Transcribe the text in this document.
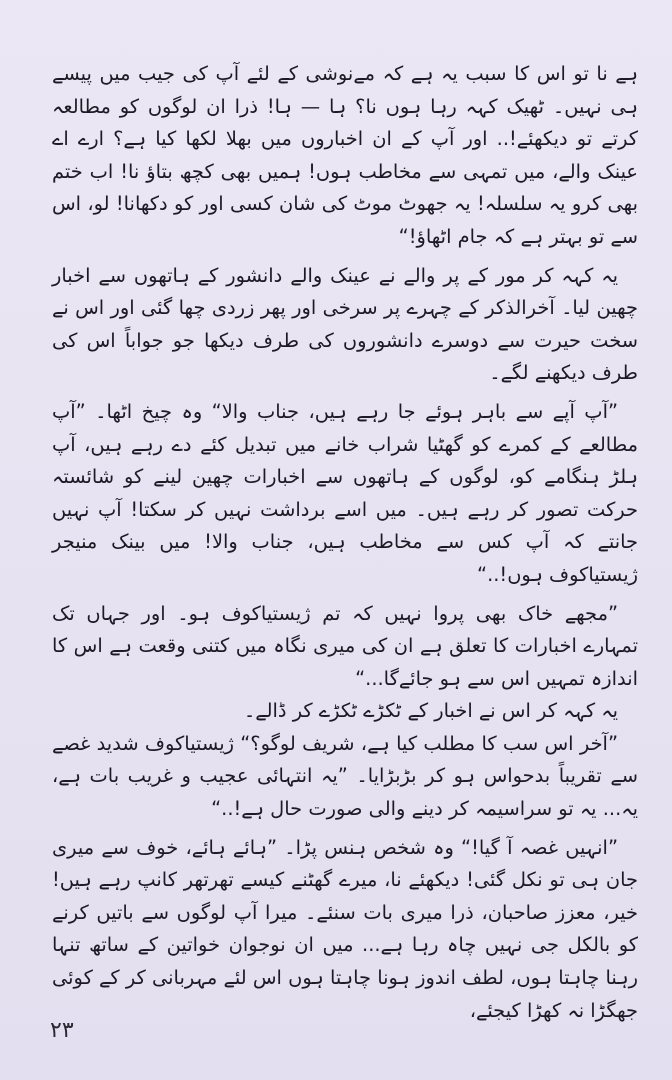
ہے نا تو اس کا سبب یہ ہے کہ مےنوشی کے لئے آپ کی جیب میں پیسے ہی نہیں۔ ٹھیک کہہ رہا ہوں نا؟ ہا — ہا! ذرا ان لوگوں کو مطالعہ کرتے تو دیکھئے!.. اور آپ کے ان اخباروں میں بھلا لکھا کیا ہے؟ ارے اے عینک والے، میں تمہی سے مخاطب ہوں! ہمیں بھی کچھ بتاؤ نا! اب ختم بھی کرو یہ سلسلہ! یہ جھوٹ موٹ کی شان کسی اور کو دکھانا! لو، اس سے تو بہتر ہے کہ جام اٹھاؤ!“

یہ کہہ کر مور کے پر والے نے عینک والے دانشور کے ہاتھوں سے اخبار چھین لیا۔ آخرالذکر کے چہرے پر سرخی اور پھر زردی چھا گئی اور اس نے سخت حیرت سے دوسرے دانشوروں کی طرف دیکھا جو جواباً اس کی طرف دیکھنے لگے۔

”آپ آپے سے باہر ہوئے جا رہے ہیں، جناب والا“ وہ چیخ اٹھا۔ ”آپ مطالعے کے کمرے کو گھٹیا شراب خانے میں تبدیل کئے دے رہے ہیں، آپ ہلڑ ہنگامے کو، لوگوں کے ہاتھوں سے اخبارات چھین لینے کو شائستہ حرکت تصور کر رہے ہیں۔ میں اسے برداشت نہیں کر سکتا! آپ نہیں جانتے کہ آپ کس سے مخاطب ہیں، جناب والا! میں بینک منیجر ژیستیاکوف ہوں!..“

”مجھے خاک بھی پروا نہیں کہ تم ژیستیاکوف ہو۔ اور جہاں تک تمہارے اخبارات کا تعلق ہے ان کی میری نگاہ میں کتنی وقعت ہے اس کا اندازہ تمہیں اس سے ہو جائےگا...“

یہ کہہ کر اس نے اخبار کے ٹکڑے ٹکڑے کر ڈالے۔

”آخر اس سب کا مطلب کیا ہے، شریف لوگو؟“ ژیستیاکوف شدید غصے سے تقریباً بدحواس ہو کر بڑبڑایا۔ ”یہ انتہائی عجیب و غریب بات ہے، یہ... یہ تو سراسیمہ کر دینے والی صورت حال ہے!..“

”انہیں غصہ آ گیا!“ وہ شخص ہنس پڑا۔ ”ہائے ہائے، خوف سے میری جان ہی تو نکل گئی! دیکھئے نا، میرے گھٹنے کیسے تھرتھر کانپ رہے ہیں! خیر، معزز صاحبان، ذرا میری بات سنئے۔ میرا آپ لوگوں سے باتیں کرنے کو بالکل جی نہیں چاہ رہا ہے... میں ان نوجوان خواتین کے ساتھ تنہا رہنا چاہتا ہوں، لطف اندوز ہونا چاہتا ہوں اس لئے مہربانی کر کے کوئی جھگڑا نہ کھڑا کیجئے،

۲۳
